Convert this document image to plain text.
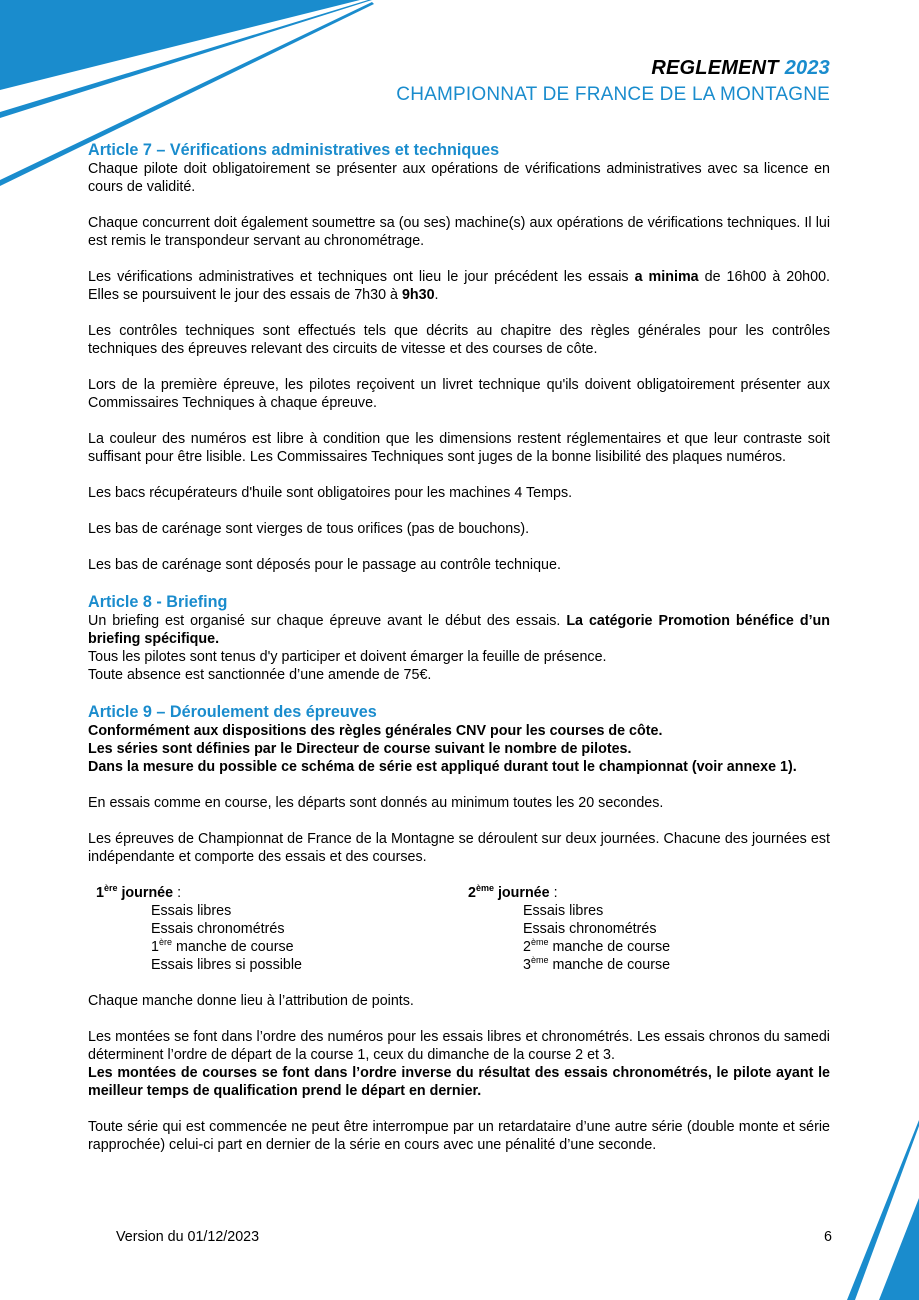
REGLEMENT 2023
CHAMPIONNAT DE FRANCE DE LA MONTAGNE
Article 7 – Vérifications administratives et techniques

Chaque pilote doit obligatoirement se présenter aux opérations de vérifications administratives avec sa licence en cours de validité.

Chaque concurrent doit également soumettre sa (ou ses) machine(s) aux opérations de vérifications techniques. Il lui est remis le transpondeur servant au chronométrage.

Les vérifications administratives et techniques ont lieu le jour précédent les essais a minima de 16h00 à 20h00. Elles se poursuivent le jour des essais de 7h30 à 9h30.

Les contrôles techniques sont effectués tels que décrits au chapitre des règles générales pour les contrôles techniques des épreuves relevant des circuits de vitesse et des courses de côte.

Lors de la première épreuve, les pilotes reçoivent un livret technique qu'ils doivent obligatoirement présenter aux Commissaires Techniques à chaque épreuve.

La couleur des numéros est libre à condition que les dimensions restent réglementaires et que leur contraste soit suffisant pour être lisible. Les Commissaires Techniques sont juges de la bonne lisibilité des plaques numéros.

Les bacs récupérateurs d'huile sont obligatoires pour les machines 4 Temps.

Les bas de carénage sont vierges de tous orifices (pas de bouchons).

Les bas de carénage sont déposés pour le passage au contrôle technique.

Article 8 - Briefing

Un briefing est organisé sur chaque épreuve avant le début des essais. La catégorie Promotion bénéfice d’un briefing spécifique.

Tous les pilotes sont tenus d'y participer et doivent émarger la feuille de présence.

Toute absence est sanctionnée d’une amende de 75€.

Article 9 – Déroulement des épreuves

Conformément aux dispositions des règles générales CNV pour les courses de côte.

Les séries sont définies par le Directeur de course suivant le nombre de pilotes.

Dans la mesure du possible ce schéma de série est appliqué durant tout le championnat (voir annexe 1).

En essais comme en course, les départs sont donnés au minimum toutes les 20 secondes.

Les épreuves de Championnat de France de la Montagne se déroulent sur deux journées. Chacune des journées est indépendante et comporte des essais et des courses.

1ère journée :
Essais libres
Essais chronométrés
1ère manche de course
Essais libres si possible
2ème journée :
Essais libres
Essais chronométrés
2ème manche de course
3ème manche de course

Chaque manche donne lieu à l’attribution de points.

Les montées se font dans l’ordre des numéros pour les essais libres et chronométrés. Les essais chronos du samedi déterminent l’ordre de départ de la course 1, ceux du dimanche de la course 2 et 3.

Les montées de courses se font dans l’ordre inverse du résultat des essais chronométrés, le pilote ayant le meilleur temps de qualification prend le départ en dernier.

Toute série qui est commencée ne peut être interrompue par un retardataire d’une autre série (double monte et série rapprochée) celui-ci part en dernier de la série en cours avec une pénalité d’une seconde.

Version du 01/12/2023	6
